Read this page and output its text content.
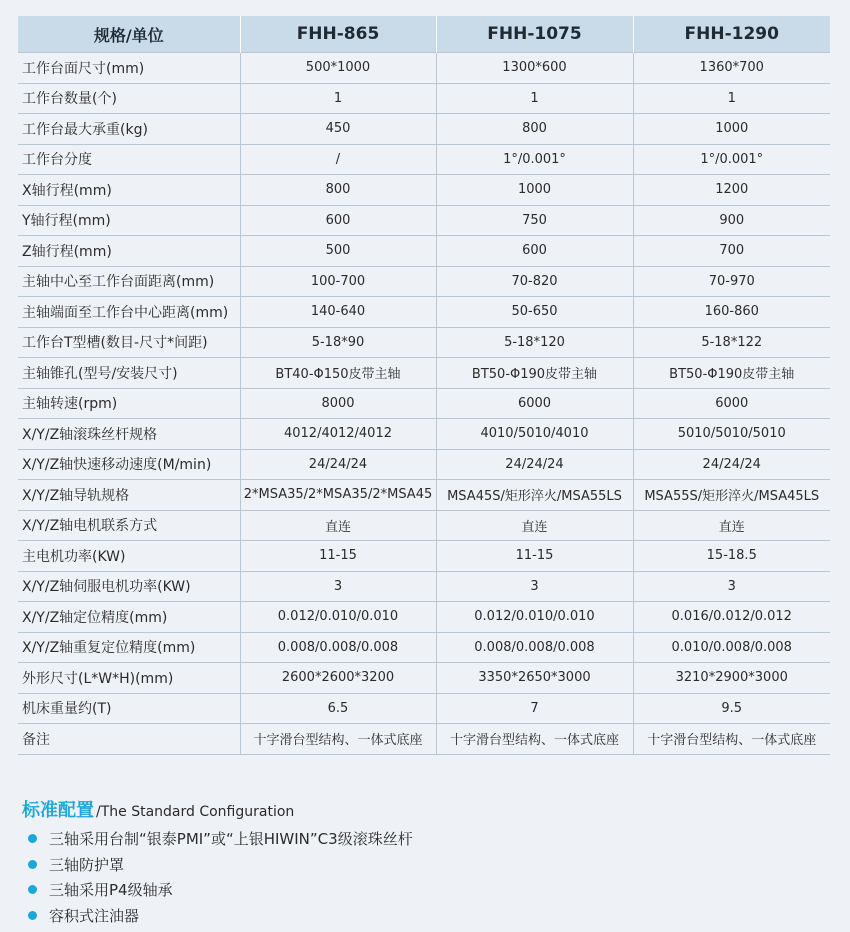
规格/单位	FHH-865	FHH-1075	FHH-1290
工作台面尺寸(mm)	500*1000	1300*600	1360*700
工作台数量(个)	1	1	1
工作台最大承重(kg)	450	800	1000
工作台分度	/	1°/0.001°	1°/0.001°
X轴行程(mm)	800	1000	1200
Y轴行程(mm)	600	750	900
Z轴行程(mm)	500	600	700
主轴中心至工作台面距离(mm)	100-700	70-820	70-970
主轴端面至工作台中心距离(mm)	140-640	50-650	160-860
工作台T型槽(数目-尺寸*间距)	5-18*90	5-18*120	5-18*122
主轴锥孔(型号/安装尺寸)	BT40-Φ150皮带主轴	BT50-Φ190皮带主轴	BT50-Φ190皮带主轴
主轴转速(rpm)	8000	6000	6000
X/Y/Z轴滚珠丝杆规格	4012/4012/4012	4010/5010/4010	5010/5010/5010
X/Y/Z轴快速移动速度(M/min)	24/24/24	24/24/24	24/24/24
X/Y/Z轴导轨规格	2*MSA35/2*MSA35/2*MSA45	MSA45S/矩形淬火/MSA55LS	MSA55S/矩形淬火/MSA45LS
X/Y/Z轴电机联系方式	直连	直连	直连
主电机功率(KW)	11-15	11-15	15-18.5
X/Y/Z轴伺服电机功率(KW)	3	3	3
X/Y/Z轴定位精度(mm)	0.012/0.010/0.010	0.012/0.010/0.010	0.016/0.012/0.012
X/Y/Z轴重复定位精度(mm)	0.008/0.008/0.008	0.008/0.008/0.008	0.010/0.008/0.008
外形尺寸(L*W*H)(mm)	2600*2600*3200	3350*2650*3000	3210*2900*3000
机床重量约(T)	6.5	7	9.5
备注	十字滑台型结构、一体式底座	十字滑台型结构、一体式底座	十字滑台型结构、一体式底座
标准配置 /The Standard Configuration
三轴采用台制“银泰PMI”或“上银HIWIN”C3级滚珠丝杆
三轴防护罩
三轴采用P4级轴承
容积式注油器
